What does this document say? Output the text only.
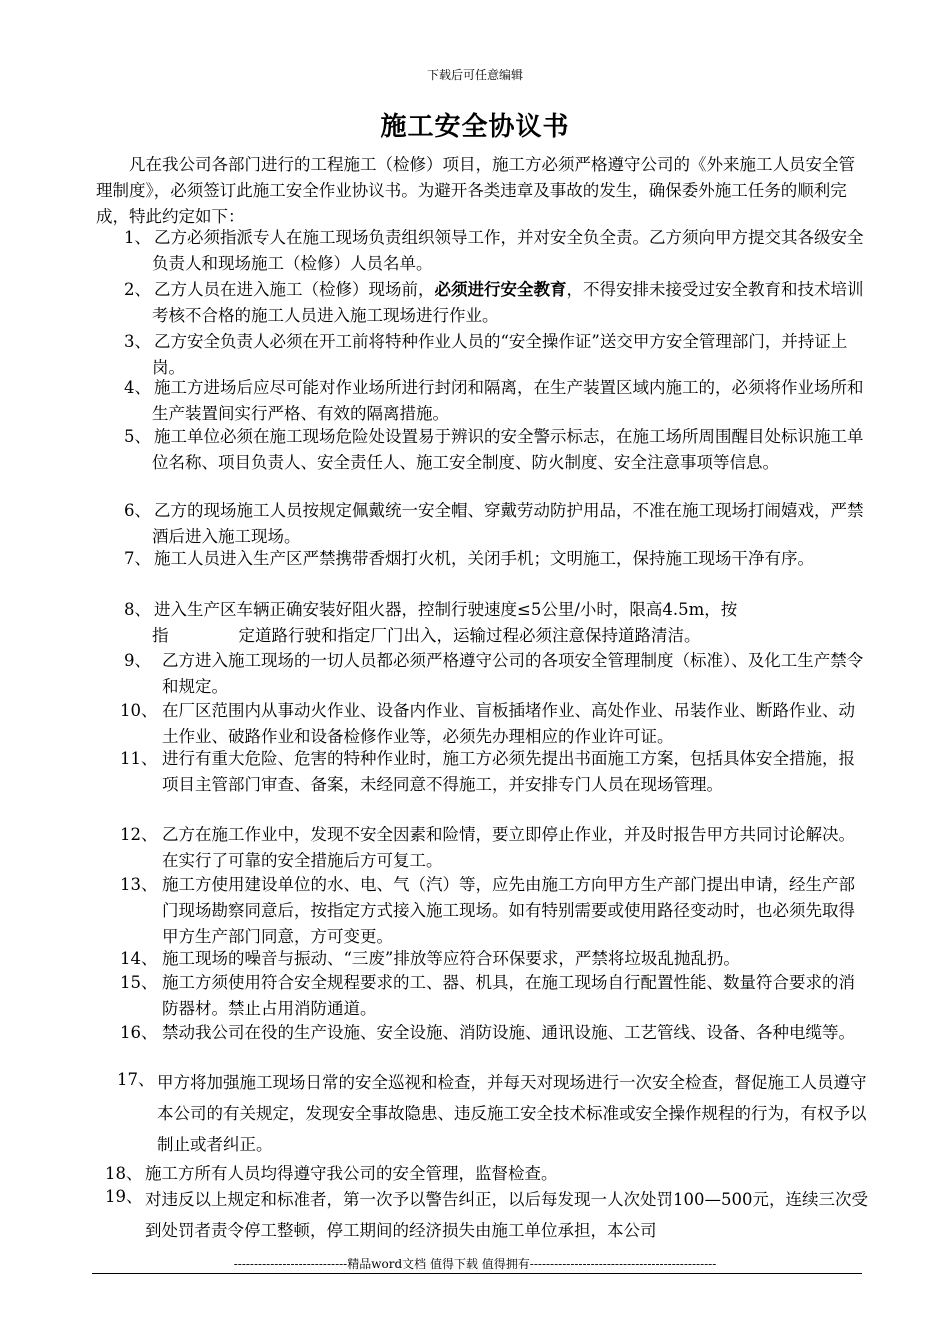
下载后可任意编辑
施工安全协议书

凡在我公司各部门进行的工程施工（检修）项目，施工方必须严格遵守公司的《外来施工人员安全管理制度》，必须签订此施工安全作业协议书。为避开各类违章及事故的发生，确保委外施工任务的顺利完成，特此约定如下：

1、 乙方必须指派专人在施工现场负责组织领导工作，并对安全负全责。乙方须向甲方提交其各级安全负责人和现场施工（检修）人员名单。
2、 乙方人员在进入施工（检修）现场前，必须进行安全教育，不得安排未接受过安全教育和技术培训考核不合格的施工人员进入施工现场进行作业。
3、 乙方安全负责人必须在开工前将特种作业人员的“安全操作证”送交甲方安全管理部门，并持证上岗。
4、 施工方进场后应尽可能对作业场所进行封闭和隔离，在生产装置区域内施工的，必须将作业场所和生产装置间实行严格、有效的隔离措施。
5、 施工单位必须在施工现场危险处设置易于辨识的安全警示标志，在施工场所周围醒目处标识施工单位名称、项目负责人、安全责任人、施工安全制度、防火制度、安全注意事项等信息。
6、 乙方的现场施工人员按规定佩戴统一安全帽、穿戴劳动防护用品，不准在施工现场打闹嬉戏，严禁酒后进入施工现场。
7、 施工人员进入生产区严禁携带香烟打火机，关闭手机；文明施工，保持施工现场干净有序。
8、 进入生产区车辆正确安装好阻火器，控制行驶速度≤5公里/小时，限高4.5m，按
指	定道路行驶和指定厂门出入，运输过程必须注意保持道路清洁。
9、 乙方进入施工现场的一切人员都必须严格遵守公司的各项安全管理制度（标准）、及化工生产禁令和规定。
10、 在厂区范围内从事动火作业、设备内作业、盲板插堵作业、高处作业、吊装作业、断路作业、动土作业、破路作业和设备检修作业等，必须先办理相应的作业许可证。
11、 进行有重大危险、危害的特种作业时，施工方必须先提出书面施工方案，包括具体安全措施，报项目主管部门审查、备案，未经同意不得施工，并安排专门人员在现场管理。
12、 乙方在施工作业中，发现不安全因素和险情，要立即停止作业，并及时报告甲方共同讨论解决。在实行了可靠的安全措施后方可复工。
13、 施工方使用建设单位的水、电、气（汽）等，应先由施工方向甲方生产部门提出申请，经生产部门现场勘察同意后，按指定方式接入施工现场。如有特别需要或使用路径变动时，也必须先取得甲方生产部门同意，方可变更。
14、 施工现场的噪音与振动、“三废”排放等应符合环保要求，严禁将垃圾乱抛乱扔。
15、 施工方须使用符合安全规程要求的工、器、机具，在施工现场自行配置性能、数量符合要求的消防器材。禁止占用消防通道。
16、 禁动我公司在役的生产设施、安全设施、消防设施、通讯设施、工艺管线、设备、各种电缆等。
17、 甲方将加强施工现场日常的安全巡视和检查，并每天对现场进行一次安全检查，督促施工人员遵守本公司的有关规定，发现安全事故隐患、违反施工安全技术标准或安全操作规程的行为，有权予以制止或者纠正。
18、 施工方所有人员均得遵守我公司的安全管理，监督检查。
19、 对违反以上规定和标准者，第一次予以警告纠正，以后每发现一人次处罚100—500元，连续三次受到处罚者责令停工整顿，停工期间的经济损失由施工单位承担，本公司
----------------------------精品word文档 值得下载 值得拥有----------------------------------------------
